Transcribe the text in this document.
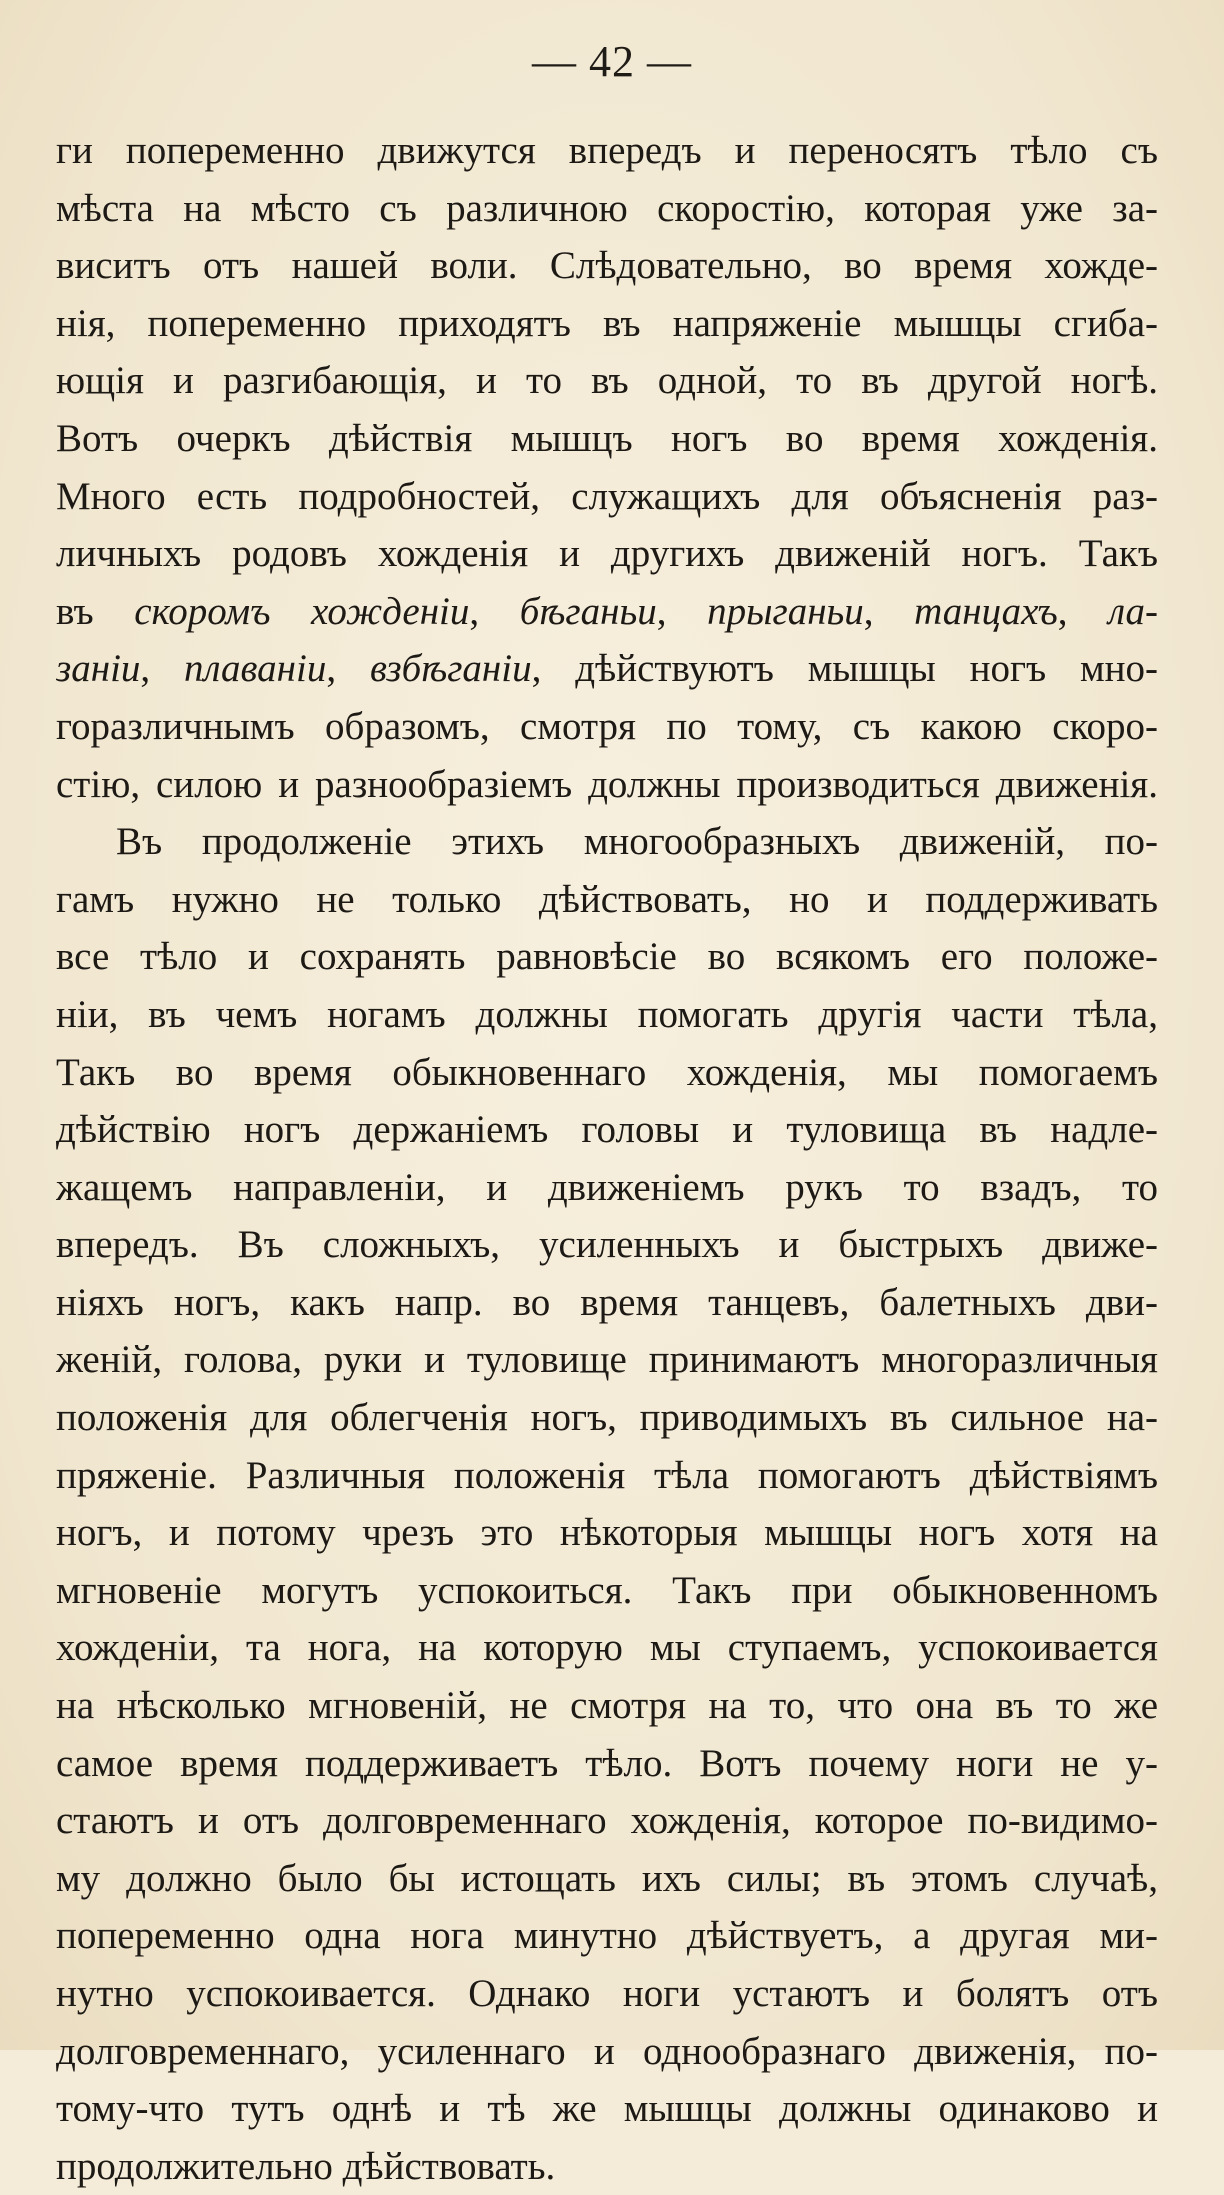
— 42 —
ги попеременно движутся впередъ и переносятъ тѣло съ
мѣста на мѣсто съ различною скоростію, которая уже за-
виситъ отъ нашей воли. Слѣдовательно, во время хожде-
нія, попеременно приходятъ въ напряженіе мышцы сгиба-
ющія и разгибающія, и то въ одной, то въ другой ногѣ.
Вотъ очеркъ дѣйствія мышцъ ногъ во время хожденія.
Много есть подробностей, служащихъ для объясненія раз-
личныхъ родовъ хожденія и другихъ движеній ногъ. Такъ
въ скоромъ хожденіи, бѣганьи, прыганьи, танцахъ, ла-
заніи, плаваніи, взбѣганіи, дѣйствуютъ мышцы ногъ мно-
горазличнымъ образомъ, смотря по тому, съ какою скоро-
стію, силою и разнообразіемъ должны производиться движенія.
Въ продолженіе этихъ многообразныхъ движеній, по-
гамъ нужно не только дѣйствовать, но и поддерживать
все тѣло и сохранять равновѣсіе во всякомъ его положе-
ніи, въ чемъ ногамъ должны помогать другія части тѣла,
Такъ во время обыкновеннаго хожденія, мы помогаемъ
дѣйствію ногъ держаніемъ головы и туловища въ надле-
жащемъ направленіи, и движеніемъ рукъ то взадъ, то
впередъ. Въ сложныхъ, усиленныхъ и быстрыхъ движе-
ніяхъ ногъ, какъ напр. во время танцевъ, балетныхъ дви-
женій, голова, руки и туловище принимаютъ многоразличныя
положенія для облегченія ногъ, приводимыхъ въ сильное на-
пряженіе. Различныя положенія тѣла помогаютъ дѣйствіямъ
ногъ, и потому чрезъ это нѣкоторыя мышцы ногъ хотя на
мгновеніе могутъ успокоиться. Такъ при обыкновенномъ
хожденіи, та нога, на которую мы ступаемъ, успокоивается
на нѣсколько мгновеній, не смотря на то, что она въ то же
самое время поддерживаетъ тѣло. Вотъ почему ноги не у-
стаютъ и отъ долговременнаго хожденія, которое по-видимо-
му должно было бы истощать ихъ силы; въ этомъ случаѣ,
попеременно одна нога минутно дѣйствуетъ, а другая ми-
нутно успокоивается. Однако ноги устаютъ и болятъ отъ
долговременнаго, усиленнаго и однообразнаго движенія, по-
тому-что тутъ однѣ и тѣ же мышцы должны одинаково и
продолжительно дѣйствовать.
